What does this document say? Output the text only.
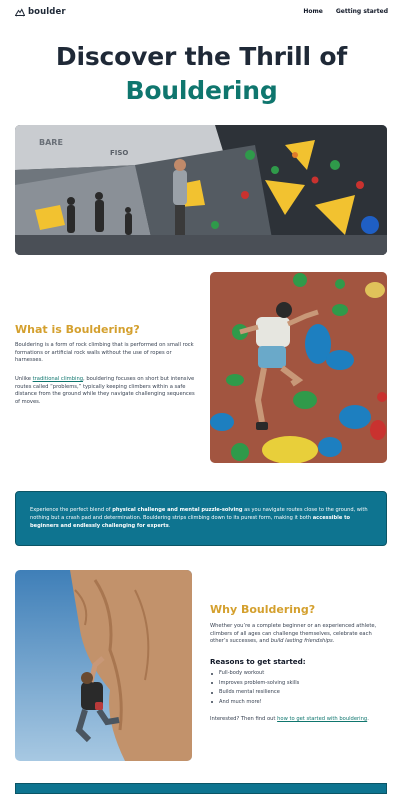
boulder	Home Getting started
Discover the Thrill of
Bouldering
BARE
FISO
What is Bouldering?

Bouldering is a form of rock climbing that is performed on small rock formations or artificial rock walls without the use of ropes or harnesses.

Unlike traditional climbing, bouldering focuses on short but intensive routes called “problems,” typically keeping climbers within a safe distance from the ground while they navigate challenging sequences of moves.

Experience the perfect blend of physical challenge and mental puzzle-solving as you navigate routes close to the ground, with nothing but a crash pad and determination. Bouldering strips climbing down to its purest form, making it both accessible to beginners and endlessly challenging for experts.

Why Bouldering?

Whether you’re a complete beginner or an experienced athlete, climbers of all ages can challenge themselves, celebrate each other’s successes, and build lasting friendships.

Reasons to get started:
Full-body workout
Improves problem-solving skills
Builds mental resilience
And much more!

Interested? Then find out how to get started with bouldering.

© 2025 Boulder inc. All rights reserved.
